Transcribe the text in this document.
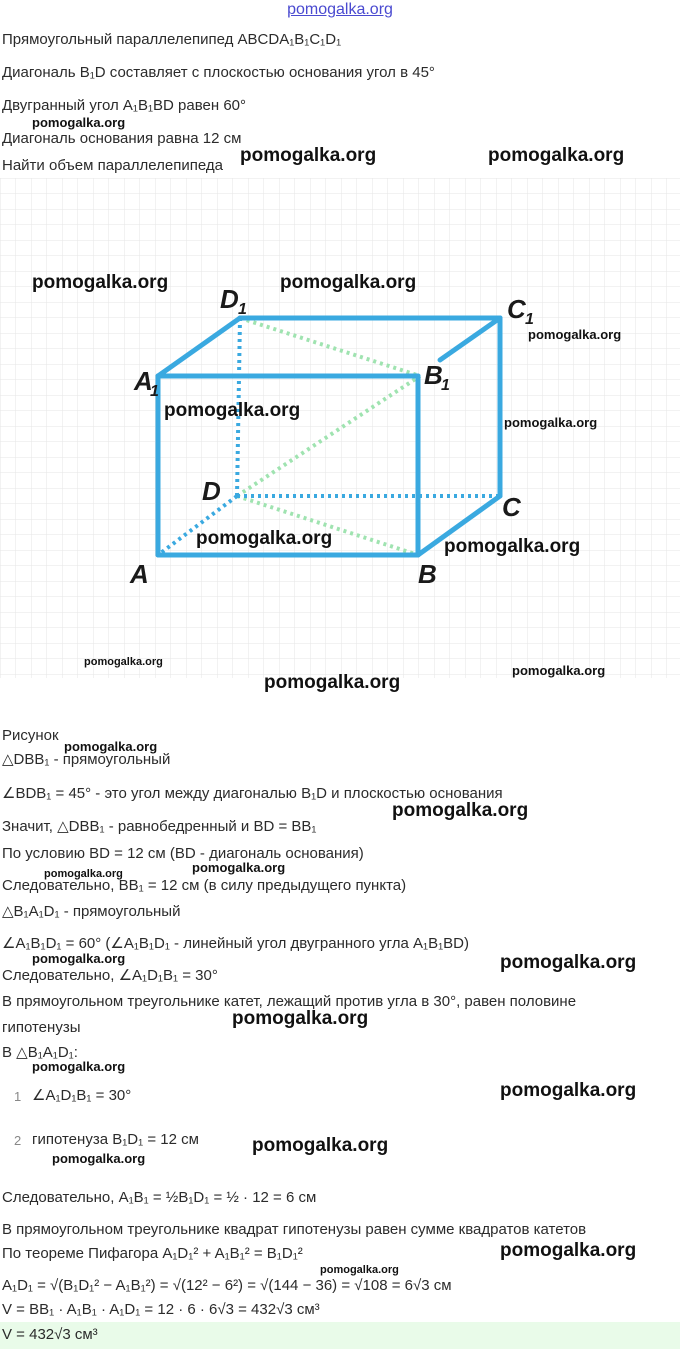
pomogalka.org
Прямоугольный параллелепипед ABCDA₁B₁C₁D₁
Диагональ B₁D составляет с плоскостью основания угол в 45°
Двугранный угол A₁B₁BD равен 60°
Диагональ основания равна 12 см
Найти объем параллелепипеда
A	B
C
D
A
1
B
1
D 1	C 1
Рисунок
△DBB₁ - прямоугольный
∠BDB₁ = 45° - это угол между диагональю B₁D и плоскостью основания
Значит, △DBB₁ - равнобедренный и BD = BB₁
По условию BD = 12 см (BD - диагональ основания)
Следовательно, BB₁ = 12 см (в силу предыдущего пункта)
△B₁A₁D₁ - прямоугольный
∠A₁B₁D₁ = 60° (∠A₁B₁D₁ - линейный угол двугранного угла A₁B₁BD)
Следовательно, ∠A₁D₁B₁ = 30°
В прямоугольном треугольнике катет, лежащий против угла в 30°, равен половине
гипотенузы
В △B₁A₁D₁:
1 ∠A₁D₁B₁ = 30°
2 гипотенуза B₁D₁ = 12 см
Следовательно, A₁B₁ = ½B₁D₁ = ½ · 12 = 6 см
В прямоугольном треугольнике квадрат гипотенузы равен сумме квадратов катетов
По теореме Пифагора A₁D₁² + A₁B₁² = B₁D₁²
A₁D₁ = √(B₁D₁² − A₁B₁²) = √(12² − 6²) = √(144 − 36) = √108 = 6√3 см
V = BB₁ · A₁B₁ · A₁D₁ = 12 · 6 · 6√3 = 432√3 см³
V = 432√3 см³
pomogalka.org
pomogalka.org	pomogalka.org
pomogalka.org	pomogalka.org
pomogalka.org
pomogalka.org
pomogalka.org
pomogalka.org	pomogalka.org
pomogalka.org
pomogalka.org
pomogalka.org
pomogalka.org
pomogalka.org
pomogalka.org
pomogalka.org
pomogalka.org	pomogalka.org
pomogalka.org
pomogalka.org
pomogalka.org
pomogalka.org
pomogalka.org
pomogalka.org
pomogalka.org
